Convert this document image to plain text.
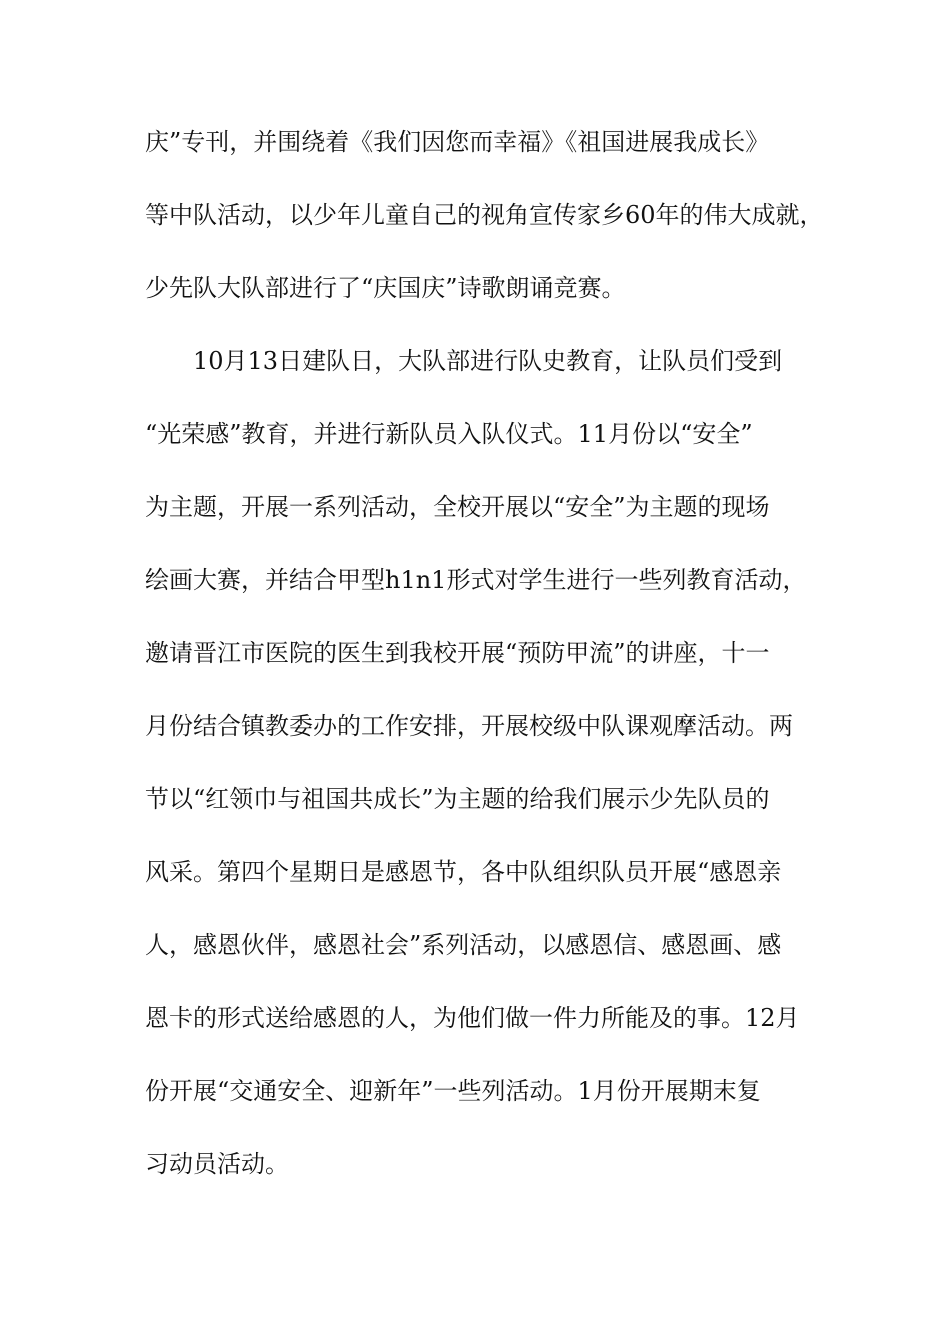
庆”专刊，并围绕着《我们因您而幸福》《祖国进展我成长》
等中队活动，以少年儿童自己的视角宣传家乡60年的伟大成就，
少先队大队部进行了“庆国庆”诗歌朗诵竞赛。
10月13日建队日，大队部进行队史教育，让队员们受到
“光荣感”教育，并进行新队员入队仪式。11月份以“安全”
为主题，开展一系列活动，全校开展以“安全”为主题的现场
绘画大赛，并结合甲型h1n1形式对学生进行一些列教育活动，
邀请晋江市医院的医生到我校开展“预防甲流”的讲座，十一
月份结合镇教委办的工作安排，开展校级中队课观摩活动。两
节以“红领巾与祖国共成长”为主题的给我们展示少先队员的
风采。第四个星期日是感恩节，各中队组织队员开展“感恩亲
人，感恩伙伴，感恩社会”系列活动，以感恩信、感恩画、感
恩卡的形式送给感恩的人，为他们做一件力所能及的事。12月
份开展“交通安全、迎新年”一些列活动。1月份开展期末复
习动员活动。
